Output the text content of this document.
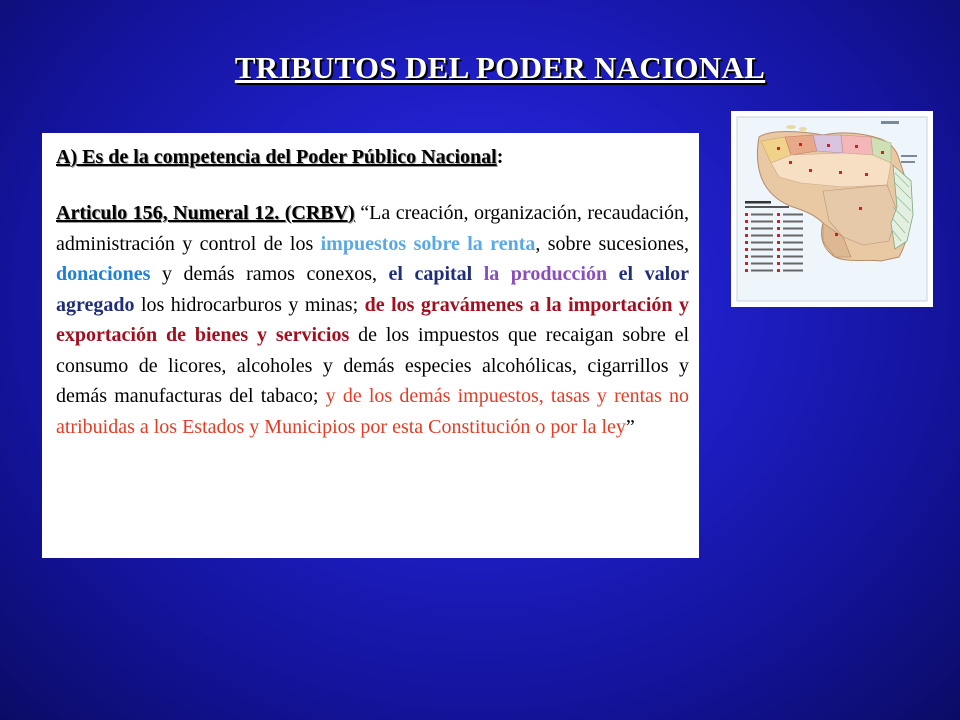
TRIBUTOS DEL PODER NACIONAL
A) Es de la competencia del Poder Público Nacional:
Articulo 156, Numeral 12. (CRBV) “La creación, organización, recaudación, administración y control de los impuestos sobre la renta, sobre sucesiones, donaciones y demás ramos conexos, el capital la producción el valor agregado los hidrocarburos y minas; de los gravámenes a la importación y exportación de bienes y servicios de los impuestos que recaigan sobre el consumo de licores, alcoholes y demás especies alcohólicas, cigarrillos y demás manufacturas del tabaco; y de los demás impuestos, tasas y rentas no atribuidas a los Estados y Municipios por esta Constitución o por la ley”
